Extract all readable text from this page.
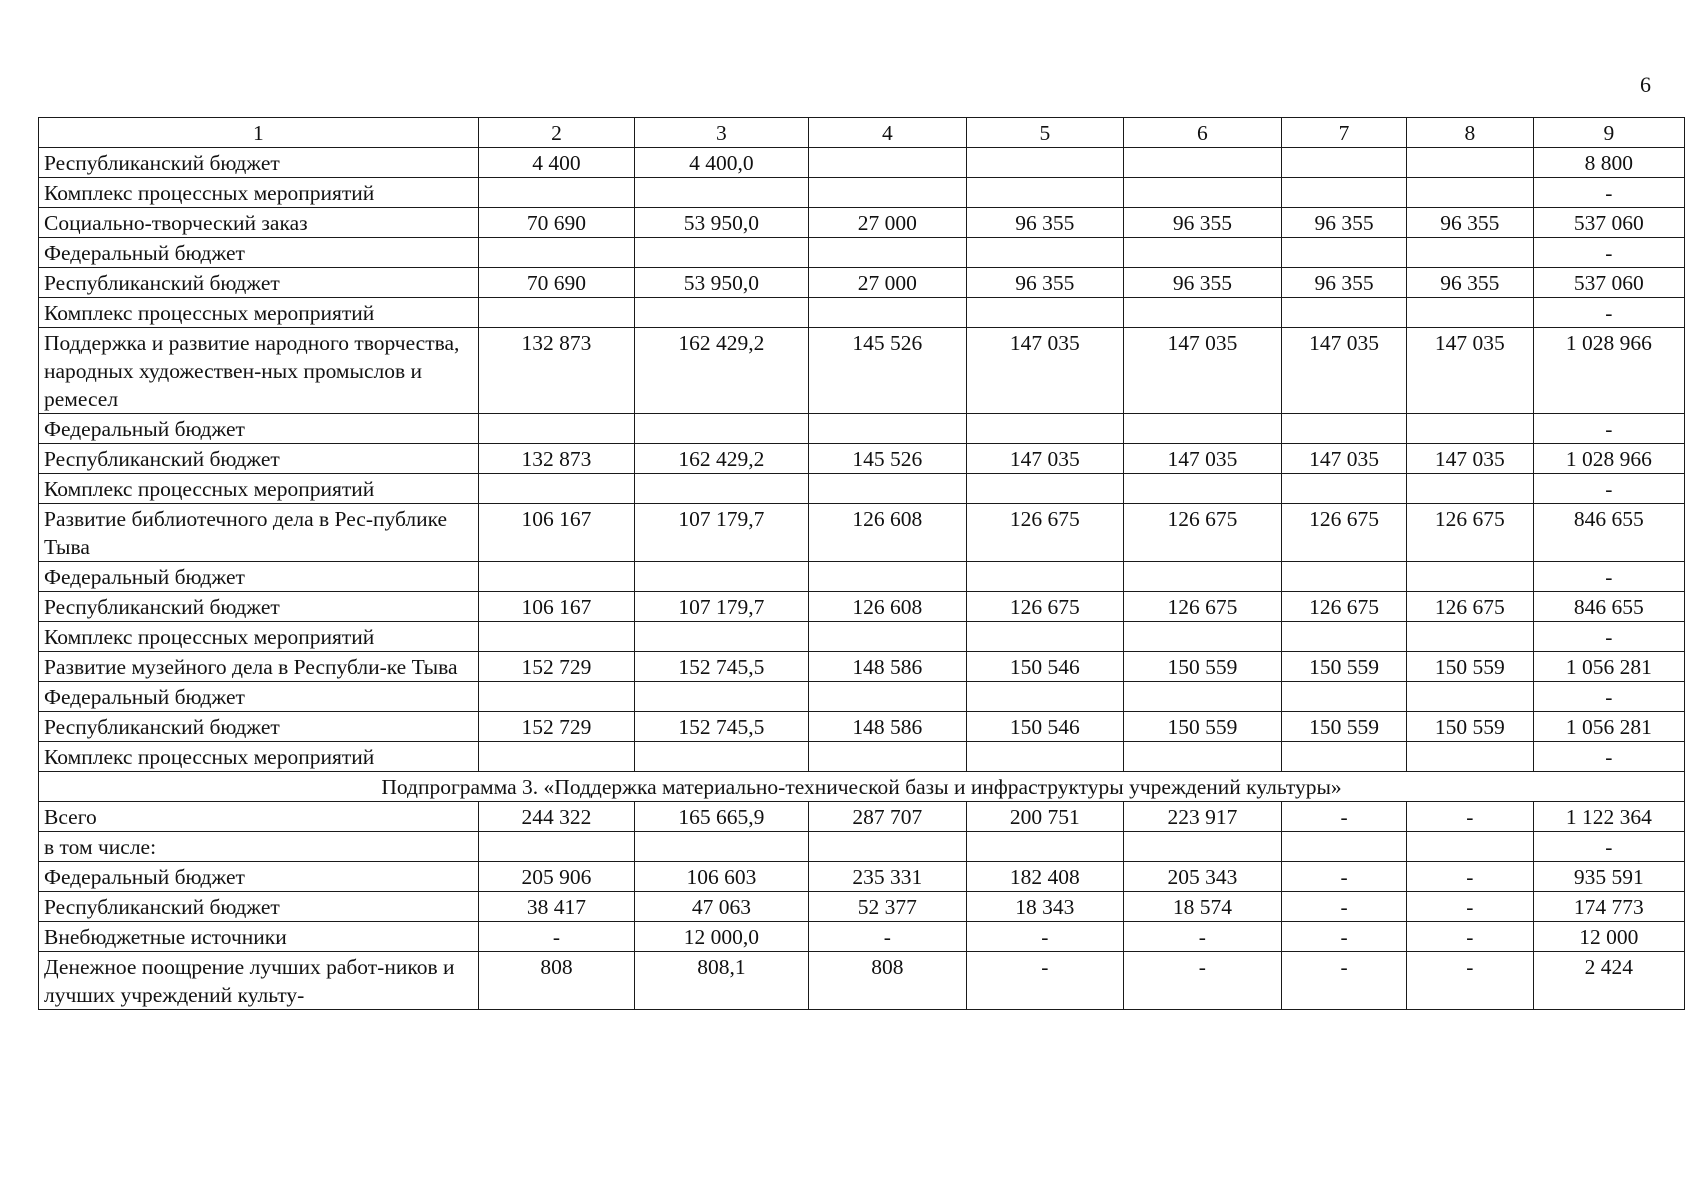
6
1	2	3	4	5	6	7	8	9
Республиканский бюджет	4 400	4 400,0						8 800
Комплекс процессных мероприятий								-
Социально-творческий заказ	70 690	53 950,0	27 000	96 355	96 355	96 355	96 355	537 060
Федеральный бюджет								-
Республиканский бюджет	70 690	53 950,0	27 000	96 355	96 355	96 355	96 355	537 060
Комплекс процессных мероприятий								-
Поддержка и развитие народного творчества, народных художествен-ных промыслов и ремесел	132 873	162 429,2	145 526	147 035	147 035	147 035	147 035	1 028 966
Федеральный бюджет								-
Республиканский бюджет	132 873	162 429,2	145 526	147 035	147 035	147 035	147 035	1 028 966
Комплекс процессных мероприятий								-
Развитие библиотечного дела в Рес-публике Тыва	106 167	107 179,7	126 608	126 675	126 675	126 675	126 675	846 655
Федеральный бюджет								-
Республиканский бюджет	106 167	107 179,7	126 608	126 675	126 675	126 675	126 675	846 655
Комплекс процессных мероприятий								-
Развитие музейного дела в Республи-ке Тыва	152 729	152 745,5	148 586	150 546	150 559	150 559	150 559	1 056 281
Федеральный бюджет								-
Республиканский бюджет	152 729	152 745,5	148 586	150 546	150 559	150 559	150 559	1 056 281
Комплекс процессных мероприятий								-
Подпрограмма 3. «Поддержка материально-технической базы и инфраструктуры учреждений культуры»								
Всего	244 322	165 665,9	287 707	200 751	223 917	-	-	1 122 364
в том числе:								-
Федеральный бюджет	205 906	106 603	235 331	182 408	205 343	-	-	935 591
Республиканский бюджет	38 417	47 063	52 377	18 343	18 574	-	-	174 773
Внебюджетные источники	-	12 000,0	-	-	-	-	-	12 000
Денежное поощрение лучших работ-ников и лучших учреждений культу-	808	808,1	808	-	-	-	-	2 424
